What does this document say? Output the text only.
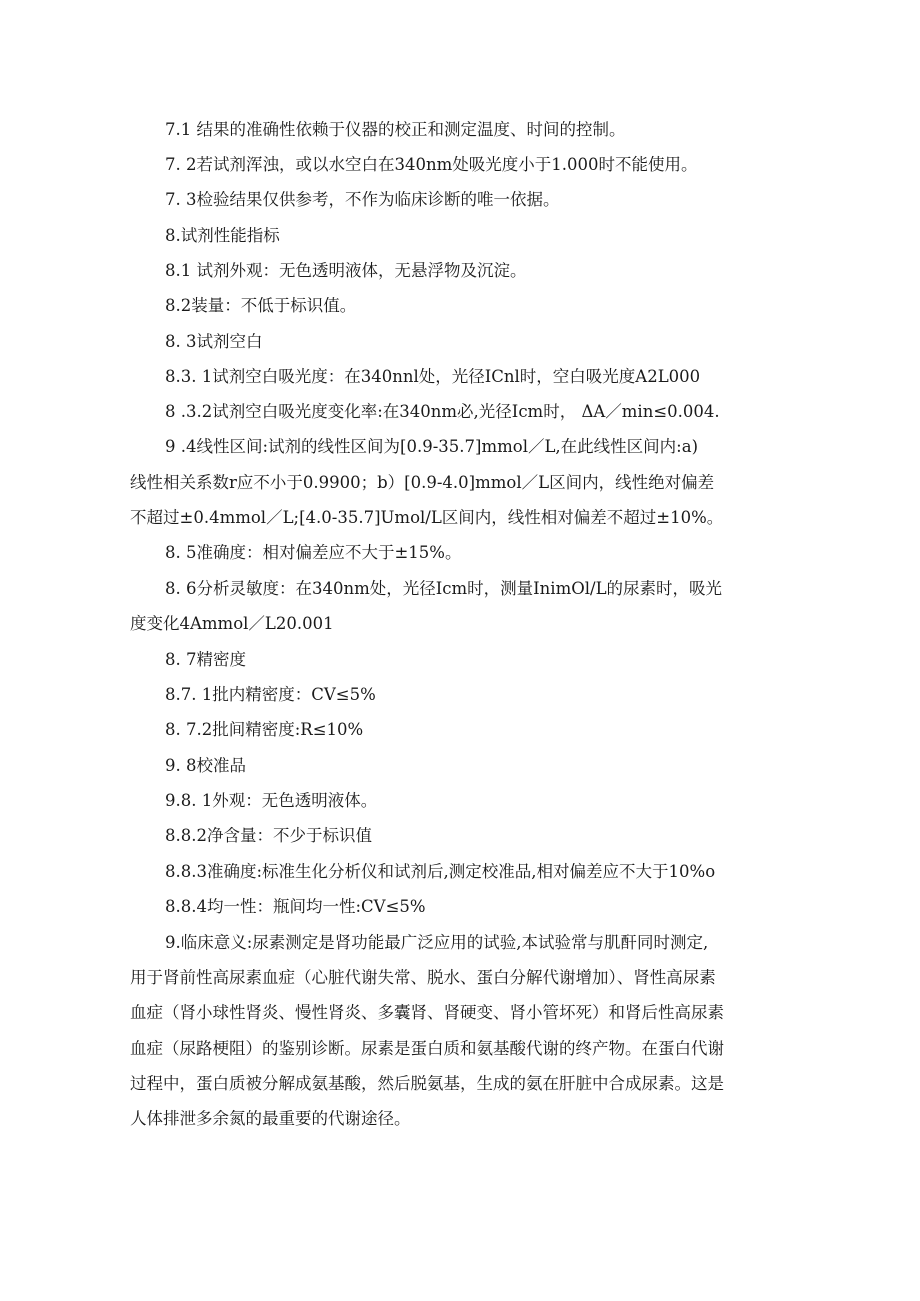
7.1 结果的准确性依赖于仪器的校正和测定温度、时间的控制。
7. 2若试剂浑浊，或以水空白在340nm处吸光度小于1.000时不能使用。
7. 3检验结果仅供参考，不作为临床诊断的唯一依据。
8.试剂性能指标
8.1 试剂外观：无色透明液体，无悬浮物及沉淀。
8.2装量：不低于标识值。
8. 3试剂空白
8.3. 1试剂空白吸光度：在340nnl处，光径ICnl时，空白吸光度A2L000
8 .3.2试剂空白吸光度变化率:在340nm必,光径Icm时， ΔA／min≤0.004.
9 .4线性区间:试剂的线性区间为[0.9-35.7]mmol／L,在此线性区间内:a)
线性相关系数r应不小于0.9900；b）[0.9-4.0]mmol／L区间内，线性绝对偏差
不超过±0.4mmol／L;[4.0-35.7]Umol/L区间内，线性相对偏差不超过±10%。
8. 5准确度：相对偏差应不大于±15%。
8. 6分析灵敏度：在340nm处，光径Icm时，测量InimOl/L的尿素时，吸光
度变化4Ammol／L20.001
8. 7精密度
8.7. 1批内精密度：CV≤5%
8. 7.2批间精密度:R≤10%
9. 8校准品
9.8. 1外观：无色透明液体。
8.8.2净含量：不少于标识值
8.8.3准确度:标准生化分析仪和试剂后,测定校准品,相对偏差应不大于10%o
8.8.4均一性：瓶间均一性:CV≤5%
9.临床意义:尿素测定是肾功能最广泛应用的试验,本试验常与肌酐同时测定,
用于肾前性高尿素血症（心脏代谢失常、脱水、蛋白分解代谢增加）、肾性高尿素
血症（肾小球性肾炎、慢性肾炎、多囊肾、肾硬变、肾小管坏死）和肾后性高尿素
血症（尿路梗阻）的鉴别诊断。尿素是蛋白质和氨基酸代谢的终产物。在蛋白代谢
过程中，蛋白质被分解成氨基酸，然后脱氨基，生成的氨在肝脏中合成尿素。这是
人体排泄多余氮的最重要的代谢途径。
